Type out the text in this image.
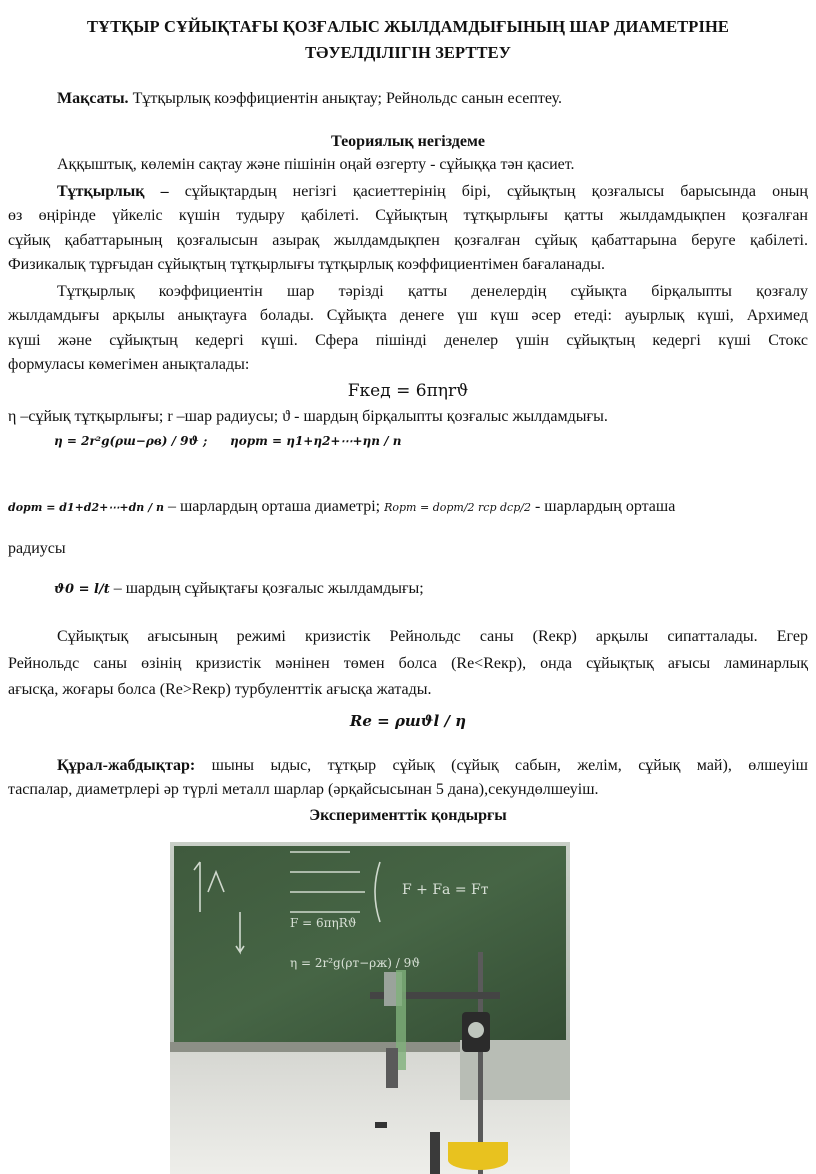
ТҰТҚЫР СҰЙЫҚТАҒЫ ҚОЗҒАЛЫС ЖЫЛДАМДЫҒЫНЫҢ ШАР ДИАМЕТРІНЕ
ТӘУЕЛДІЛІГІН ЗЕРТТЕУ
Мақсаты. Тұтқырлық коэффициентін анықтау; Рейнольдс санын есептеу.
Теориялық негіздеме
Аққыштық, көлемін сақтау және пішінін оңай өзгерту - сұйыққа тән қасиет.
Тұтқырлық – сұйықтардың негізгі қасиеттерінің бірі, сұйықтың қозғалысы барысында оның
өз өңірінде үйкеліс күшін тудыру қабілеті. Сұйықтың тұтқырлығы қатты жылдамдықпен қозғалған
сұйық қабаттарының қозғалысын азырақ жылдамдықпен қозғалған сұйық қабаттарына беруге қабілеті.
Физикалық тұрғыдан сұйықтың тұтқырлығы тұтқырлық коэффициентімен бағаланады.
Тұтқырлық коэффициентін шар тәрізді қатты денелердің сұйықта бірқалыпты қозғалу
жылдамдығы арқылы анықтауға болады. Сұйықта денеге үш күш әсер етеді: ауырлық күші, Архимед
күші және сұйықтың кедергі күші. Сфера пішінді денелер үшін сұйықтың кедергі күші Стокс
формуласы көмегімен анықталады:
Fкед = 6πηrϑ
η –сұйық тұтқырлығы; r –шар радиусы; ϑ - шардың бірқалыпты қозғалыс жылдамдығы.
η = 2r²g(ρш−ρв) / 9ϑ ; ηорт = η1+η2+⋯+ηn / n
dорт = d1+d2+⋯+dn / n – шарлардың орташа диаметрі; Rорт = dорт/2 rср dср/2 - шарлардың орташа
радиусы
ϑ0 = l/t – шардың сұйықтағы қозғалыс жылдамдығы;
Сұйықтық ағысының режимі кризистік Рейнольдс саны (Reкр) арқылы сипатталады. Егер
Рейнольдс саны өзінің кризистік мәнінен төмен болса (Re<Reкр), онда сұйықтық ағысы ламинарлық
ағысқа, жоғары болса (Re>Reкр) турбуленттік ағысқа жатады.
Re = ρшϑl / η
Құрал-жабдықтар: шыны ыдыс, тұтқыр сұйық (сұйық сабын, желім, сұйық май), өлшеуіш
таспалар, диаметрлері әр түрлі металл шарлар (әрқайсысынан 5 дана),секундөлшеуіш.
Эксперименттік қондырғы
F + Fа = Fт
η = 2r²g(ρт−ρж) / 9ϑ
F = 6πηRϑ
